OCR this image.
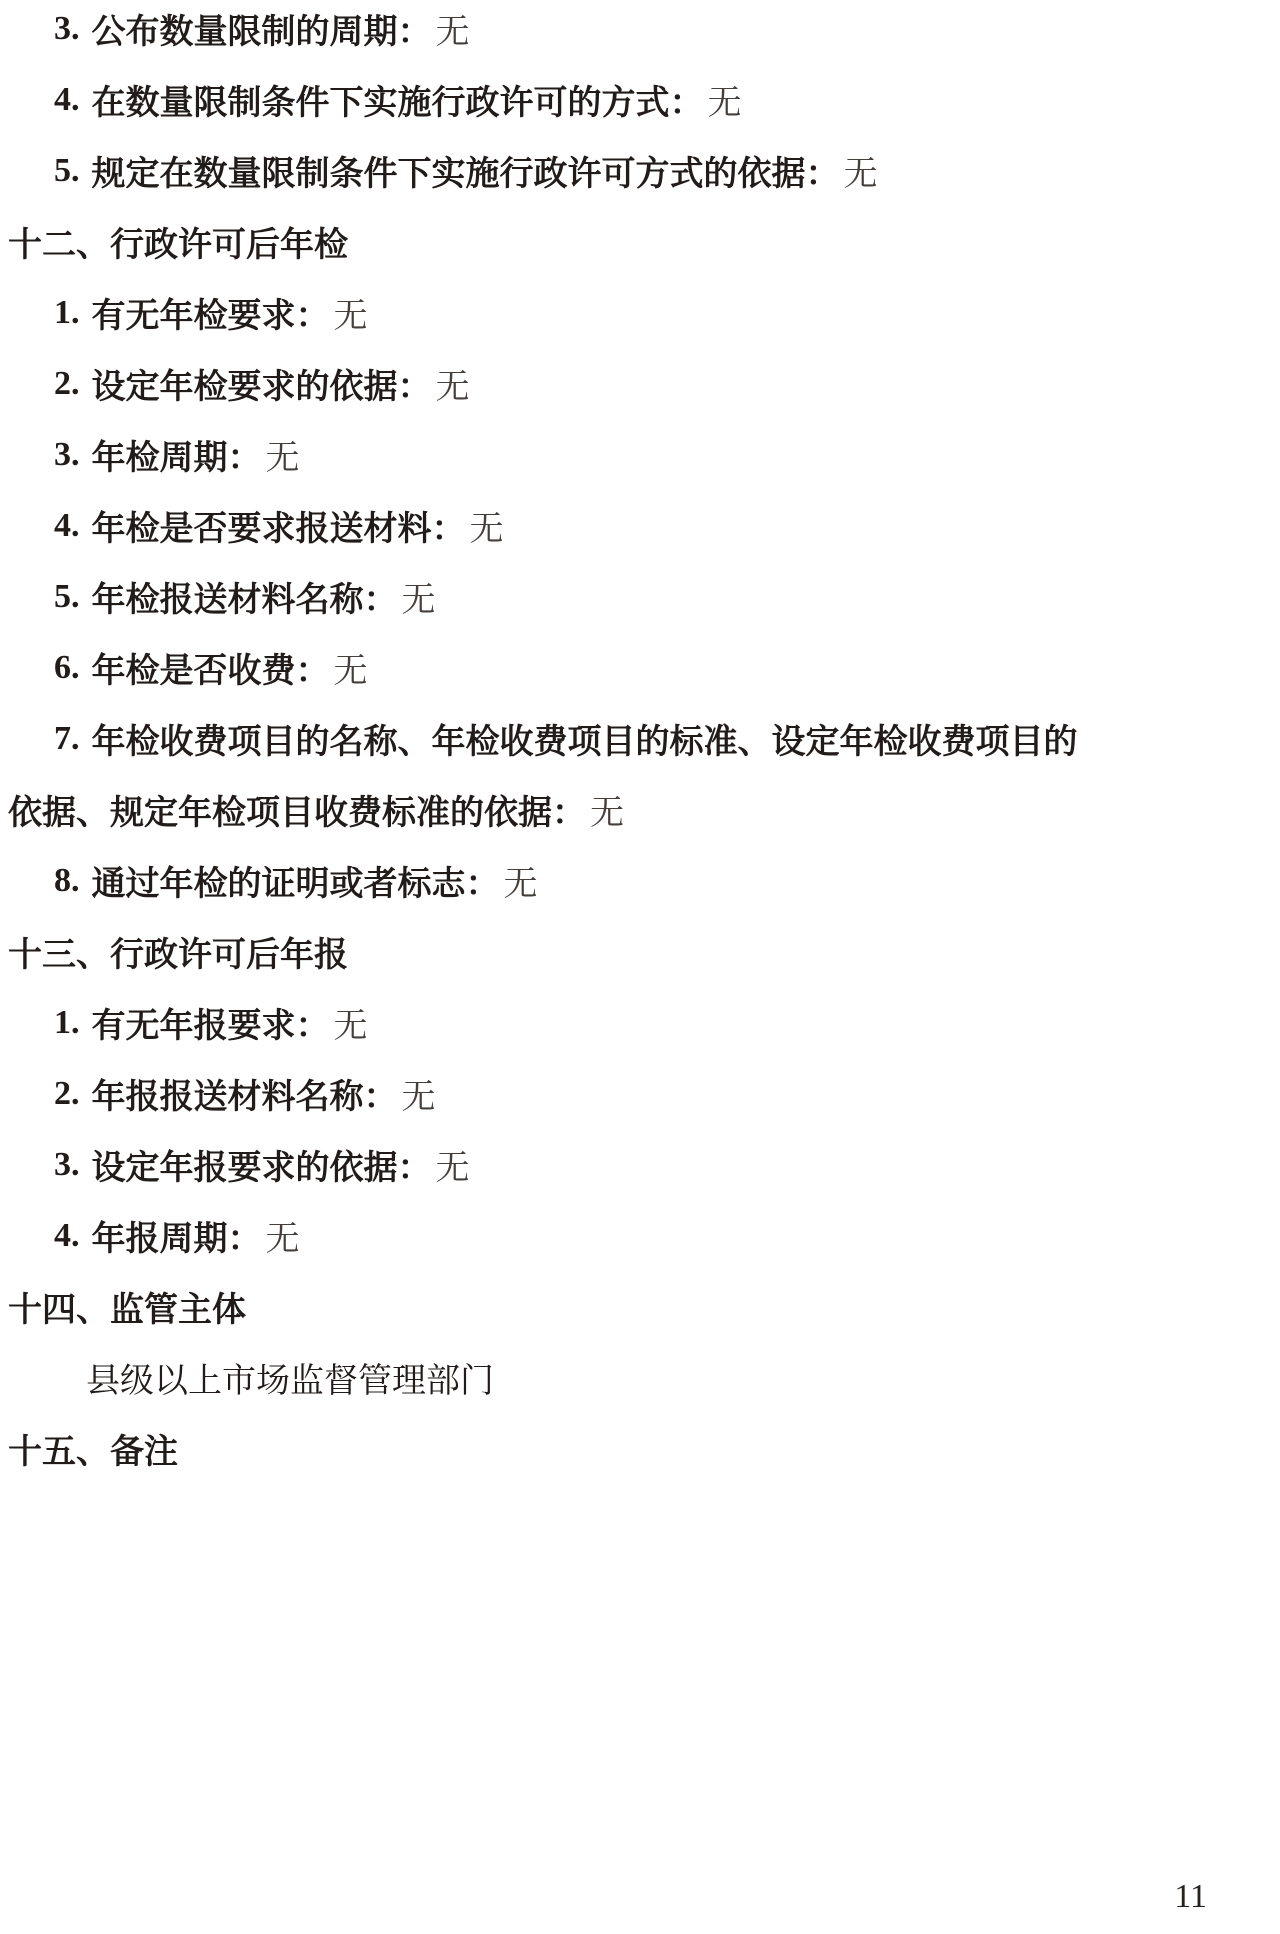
3. 公布数量限制的周期： 无
4. 在数量限制条件下实施行政许可的方式： 无
5. 规定在数量限制条件下实施行政许可方式的依据： 无
十二、行政许可后年检
1. 有无年检要求： 无
2. 设定年检要求的依据： 无
3. 年检周期： 无
4. 年检是否要求报送材料： 无
5. 年检报送材料名称： 无
6. 年检是否收费： 无
7. 年检收费项目的名称、年检收费项目的标准、设定年检收费项目的
依据、规定年检项目收费标准的依据： 无
8. 通过年检的证明或者标志： 无
十三、行政许可后年报
1. 有无年报要求： 无
2. 年报报送材料名称： 无
3. 设定年报要求的依据： 无
4. 年报周期： 无
十四、监管主体
县级以上市场监督管理部门
十五、备注
11
